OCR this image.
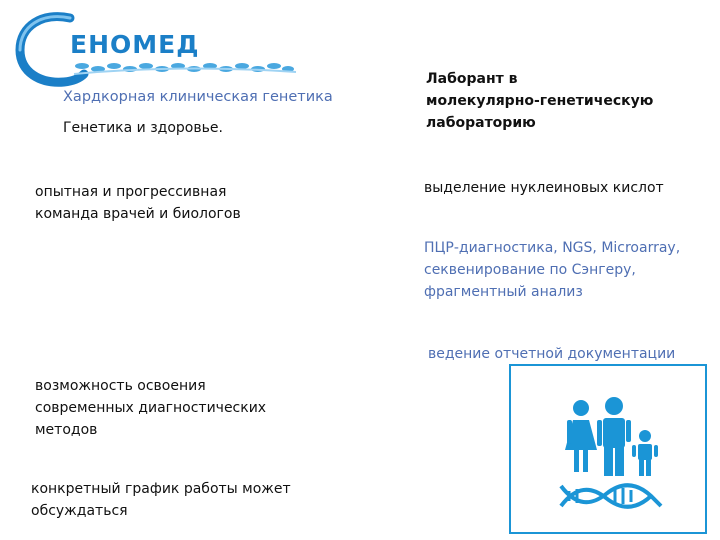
ЕНОМЕД
Хардкорная клиническая генетика
Генетика и здоровье.
опытная и прогрессивная
команда врачей и биологов
возможность освоения
современных диагностических
методов
конкретный график работы может
обсуждаться
Лаборант в
молекулярно-генетическую
лабораторию
выделение нуклеиновых кислот
ПЦР-диагностика, NGS, Microarray,
секвенирование по Сэнгеру,
фрагментный анализ
ведение отчетной документации
